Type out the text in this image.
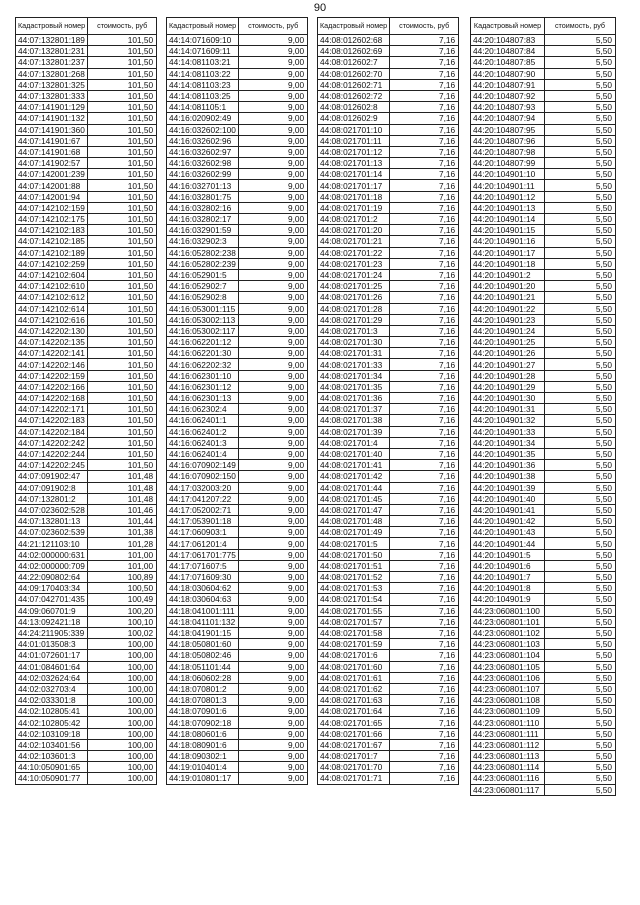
90
Кадастровый номер	стоимость, руб
44:07:132801:189	101,50
44:07:132801:231	101,50
44:07:132801:237	101,50
44:07:132801:268	101,50
44:07:132801:325	101,50
44:07:132801:333	101,50
44:07:141901:129	101,50
44:07:141901:132	101,50
44:07:141901:360	101,50
44:07:141901:67	101,50
44:07:141901:68	101,50
44:07:141902:57	101,50
44:07:142001:239	101,50
44:07:142001:88	101,50
44:07:142001:94	101,50
44:07:142102:159	101,50
44:07:142102:175	101,50
44:07:142102:183	101,50
44:07:142102:185	101,50
44:07:142102:189	101,50
44:07:142102:259	101,50
44:07:142102:604	101,50
44:07:142102:610	101,50
44:07:142102:612	101,50
44:07:142102:614	101,50
44:07:142102:616	101,50
44:07:142202:130	101,50
44:07:142202:135	101,50
44:07:142202:141	101,50
44:07:142202:146	101,50
44:07:142202:159	101,50
44:07:142202:166	101,50
44:07:142202:168	101,50
44:07:142202:171	101,50
44:07:142202:183	101,50
44:07:142202:184	101,50
44:07:142202:242	101,50
44:07:142202:244	101,50
44:07:142202:245	101,50
44:07:091902:47	101,48
44:07:091902:8	101,48
44:07:132801:2	101,48
44:07:023602:528	101,46
44:07:132801:13	101,44
44:07:023602:539	101,38
44:21:121103:10	101,28
44:02:000000:631	101,00
44:02:000000:709	101,00
44:22:090802:64	100,89
44:09:170403:34	100,50
44:07:042701:435	100,49
44:09:060701:9	100,20
44:13:092421:18	100,10
44:24:211905:339	100,02
44:01:013508:3	100,00
44:01:072601:17	100,00
44:01:084601:64	100,00
44:02:032624:64	100,00
44:02:032703:4	100,00
44:02:033301:8	100,00
44:02:102805:41	100,00
44:02:102805:42	100,00
44:02:103109:18	100,00
44:02:103401:56	100,00
44:02:103601:3	100,00
44:10:050901:65	100,00
44:10:050901:77	100,00
Кадастровый номер	стоимость, руб
44:14:071609:10	9,00
44:14:071609:11	9,00
44:14:081103:21	9,00
44:14:081103:22	9,00
44:14:081103:23	9,00
44:14:081103:25	9,00
44:14:081105:1	9,00
44:16:020902:49	9,00
44:16:032602:100	9,00
44:16:032602:96	9,00
44:16:032602:97	9,00
44:16:032602:98	9,00
44:16:032602:99	9,00
44:16:032701:13	9,00
44:16:032801:75	9,00
44:16:032802:16	9,00
44:16:032802:17	9,00
44:16:032901:59	9,00
44:16:032902:3	9,00
44:16:052802:238	9,00
44:16:052802:239	9,00
44:16:052901:5	9,00
44:16:052902:7	9,00
44:16:052902:8	9,00
44:16:053001:115	9,00
44:16:053002:113	9,00
44:16:053002:117	9,00
44:16:062201:12	9,00
44:16:062201:30	9,00
44:16:062202:32	9,00
44:16:062301:10	9,00
44:16:062301:12	9,00
44:16:062301:13	9,00
44:16:062302:4	9,00
44:16:062401:1	9,00
44:16:062401:2	9,00
44:16:062401:3	9,00
44:16:062401:4	9,00
44:16:070902:149	9,00
44:16:070902:150	9,00
44:17:032003:20	9,00
44:17:041207:22	9,00
44:17:052002:71	9,00
44:17:053901:18	9,00
44:17:060903:1	9,00
44:17:061201:4	9,00
44:17:061701:775	9,00
44:17:071607:5	9,00
44:17:071609:30	9,00
44:18:030604:62	9,00
44:18:030604:63	9,00
44:18:041001:111	9,00
44:18:041101:132	9,00
44:18:041901:15	9,00
44:18:050801:60	9,00
44:18:050802:46	9,00
44:18:051101:44	9,00
44:18:060602:28	9,00
44:18:070801:2	9,00
44:18:070801:3	9,00
44:18:070901:6	9,00
44:18:070902:18	9,00
44:18:080601:6	9,00
44:18:080901:6	9,00
44:18:090302:1	9,00
44:19:010401:4	9,00
44:19:010801:17	9,00
Кадастровый номер	стоимость, руб
44:08:012602:68	7,16
44:08:012602:69	7,16
44:08:012602:7	7,16
44:08:012602:70	7,16
44:08:012602:71	7,16
44:08:012602:72	7,16
44:08:012602:8	7,16
44:08:012602:9	7,16
44:08:021701:10	7,16
44:08:021701:11	7,16
44:08:021701:12	7,16
44:08:021701:13	7,16
44:08:021701:14	7,16
44:08:021701:17	7,16
44:08:021701:18	7,16
44:08:021701:19	7,16
44:08:021701:2	7,16
44:08:021701:20	7,16
44:08:021701:21	7,16
44:08:021701:22	7,16
44:08:021701:23	7,16
44:08:021701:24	7,16
44:08:021701:25	7,16
44:08:021701:26	7,16
44:08:021701:28	7,16
44:08:021701:29	7,16
44:08:021701:3	7,16
44:08:021701:30	7,16
44:08:021701:31	7,16
44:08:021701:33	7,16
44:08:021701:34	7,16
44:08:021701:35	7,16
44:08:021701:36	7,16
44:08:021701:37	7,16
44:08:021701:38	7,16
44:08:021701:39	7,16
44:08:021701:4	7,16
44:08:021701:40	7,16
44:08:021701:41	7,16
44:08:021701:42	7,16
44:08:021701:44	7,16
44:08:021701:45	7,16
44:08:021701:47	7,16
44:08:021701:48	7,16
44:08:021701:49	7,16
44:08:021701:5	7,16
44:08:021701:50	7,16
44:08:021701:51	7,16
44:08:021701:52	7,16
44:08:021701:53	7,16
44:08:021701:54	7,16
44:08:021701:55	7,16
44:08:021701:57	7,16
44:08:021701:58	7,16
44:08:021701:59	7,16
44:08:021701:6	7,16
44:08:021701:60	7,16
44:08:021701:61	7,16
44:08:021701:62	7,16
44:08:021701:63	7,16
44:08:021701:64	7,16
44:08:021701:65	7,16
44:08:021701:66	7,16
44:08:021701:67	7,16
44:08:021701:7	7,16
44:08:021701:70	7,16
44:08:021701:71	7,16
Кадастровый номер	стоимость, руб
44:20:104807:83	5,50
44:20:104807:84	5,50
44:20:104807:85	5,50
44:20:104807:90	5,50
44:20:104807:91	5,50
44:20:104807:92	5,50
44:20:104807:93	5,50
44:20:104807:94	5,50
44:20:104807:95	5,50
44:20:104807:96	5,50
44:20:104807:98	5,50
44:20:104807:99	5,50
44:20:104901:10	5,50
44:20:104901:11	5,50
44:20:104901:12	5,50
44:20:104901:13	5,50
44:20:104901:14	5,50
44:20:104901:15	5,50
44:20:104901:16	5,50
44:20:104901:17	5,50
44:20:104901:18	5,50
44:20:104901:2	5,50
44:20:104901:20	5,50
44:20:104901:21	5,50
44:20:104901:22	5,50
44:20:104901:23	5,50
44:20:104901:24	5,50
44:20:104901:25	5,50
44:20:104901:26	5,50
44:20:104901:27	5,50
44:20:104901:28	5,50
44:20:104901:29	5,50
44:20:104901:30	5,50
44:20:104901:31	5,50
44:20:104901:32	5,50
44:20:104901:33	5,50
44:20:104901:34	5,50
44:20:104901:35	5,50
44:20:104901:36	5,50
44:20:104901:38	5,50
44:20:104901:39	5,50
44:20:104901:40	5,50
44:20:104901:41	5,50
44:20:104901:42	5,50
44:20:104901:43	5,50
44:20:104901:44	5,50
44:20:104901:5	5,50
44:20:104901:6	5,50
44:20:104901:7	5,50
44:20:104901:8	5,50
44:20:104901:9	5,50
44:23:060801:100	5,50
44:23:060801:101	5,50
44:23:060801:102	5,50
44:23:060801:103	5,50
44:23:060801:104	5,50
44:23:060801:105	5,50
44:23:060801:106	5,50
44:23:060801:107	5,50
44:23:060801:108	5,50
44:23:060801:109	5,50
44:23:060801:110	5,50
44:23:060801:111	5,50
44:23:060801:112	5,50
44:23:060801:113	5,50
44:23:060801:114	5,50
44:23:060801:116	5,50
44:23:060801:117	5,50
